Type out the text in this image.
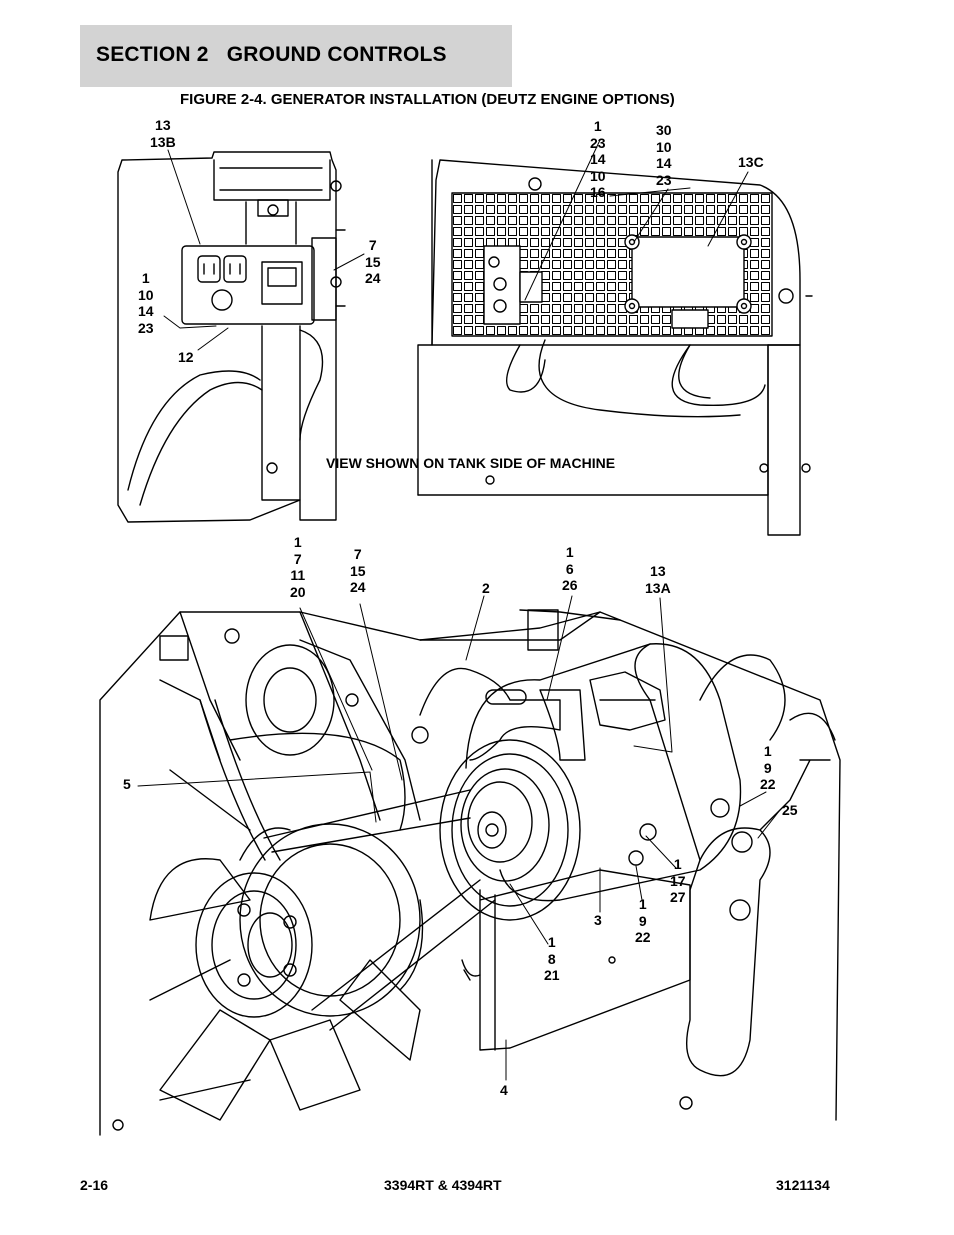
SECTION 2   GROUND CONTROLS
FIGURE 2-4. GENERATOR INSTALLATION (DEUTZ ENGINE OPTIONS)
13
13B
1
10
14
23
12
7
15
24
1
23
14
10
16
30
10
14
23
13C
VIEW SHOWN ON TANK SIDE OF MACHINE
1
7
11
20
7
15
24	2
1
6
26
13
13A
5
1
9
22
25
1
17
27
3
1
9
22
1
8
21
4
2-16	3394RT & 4394RT	3121134
